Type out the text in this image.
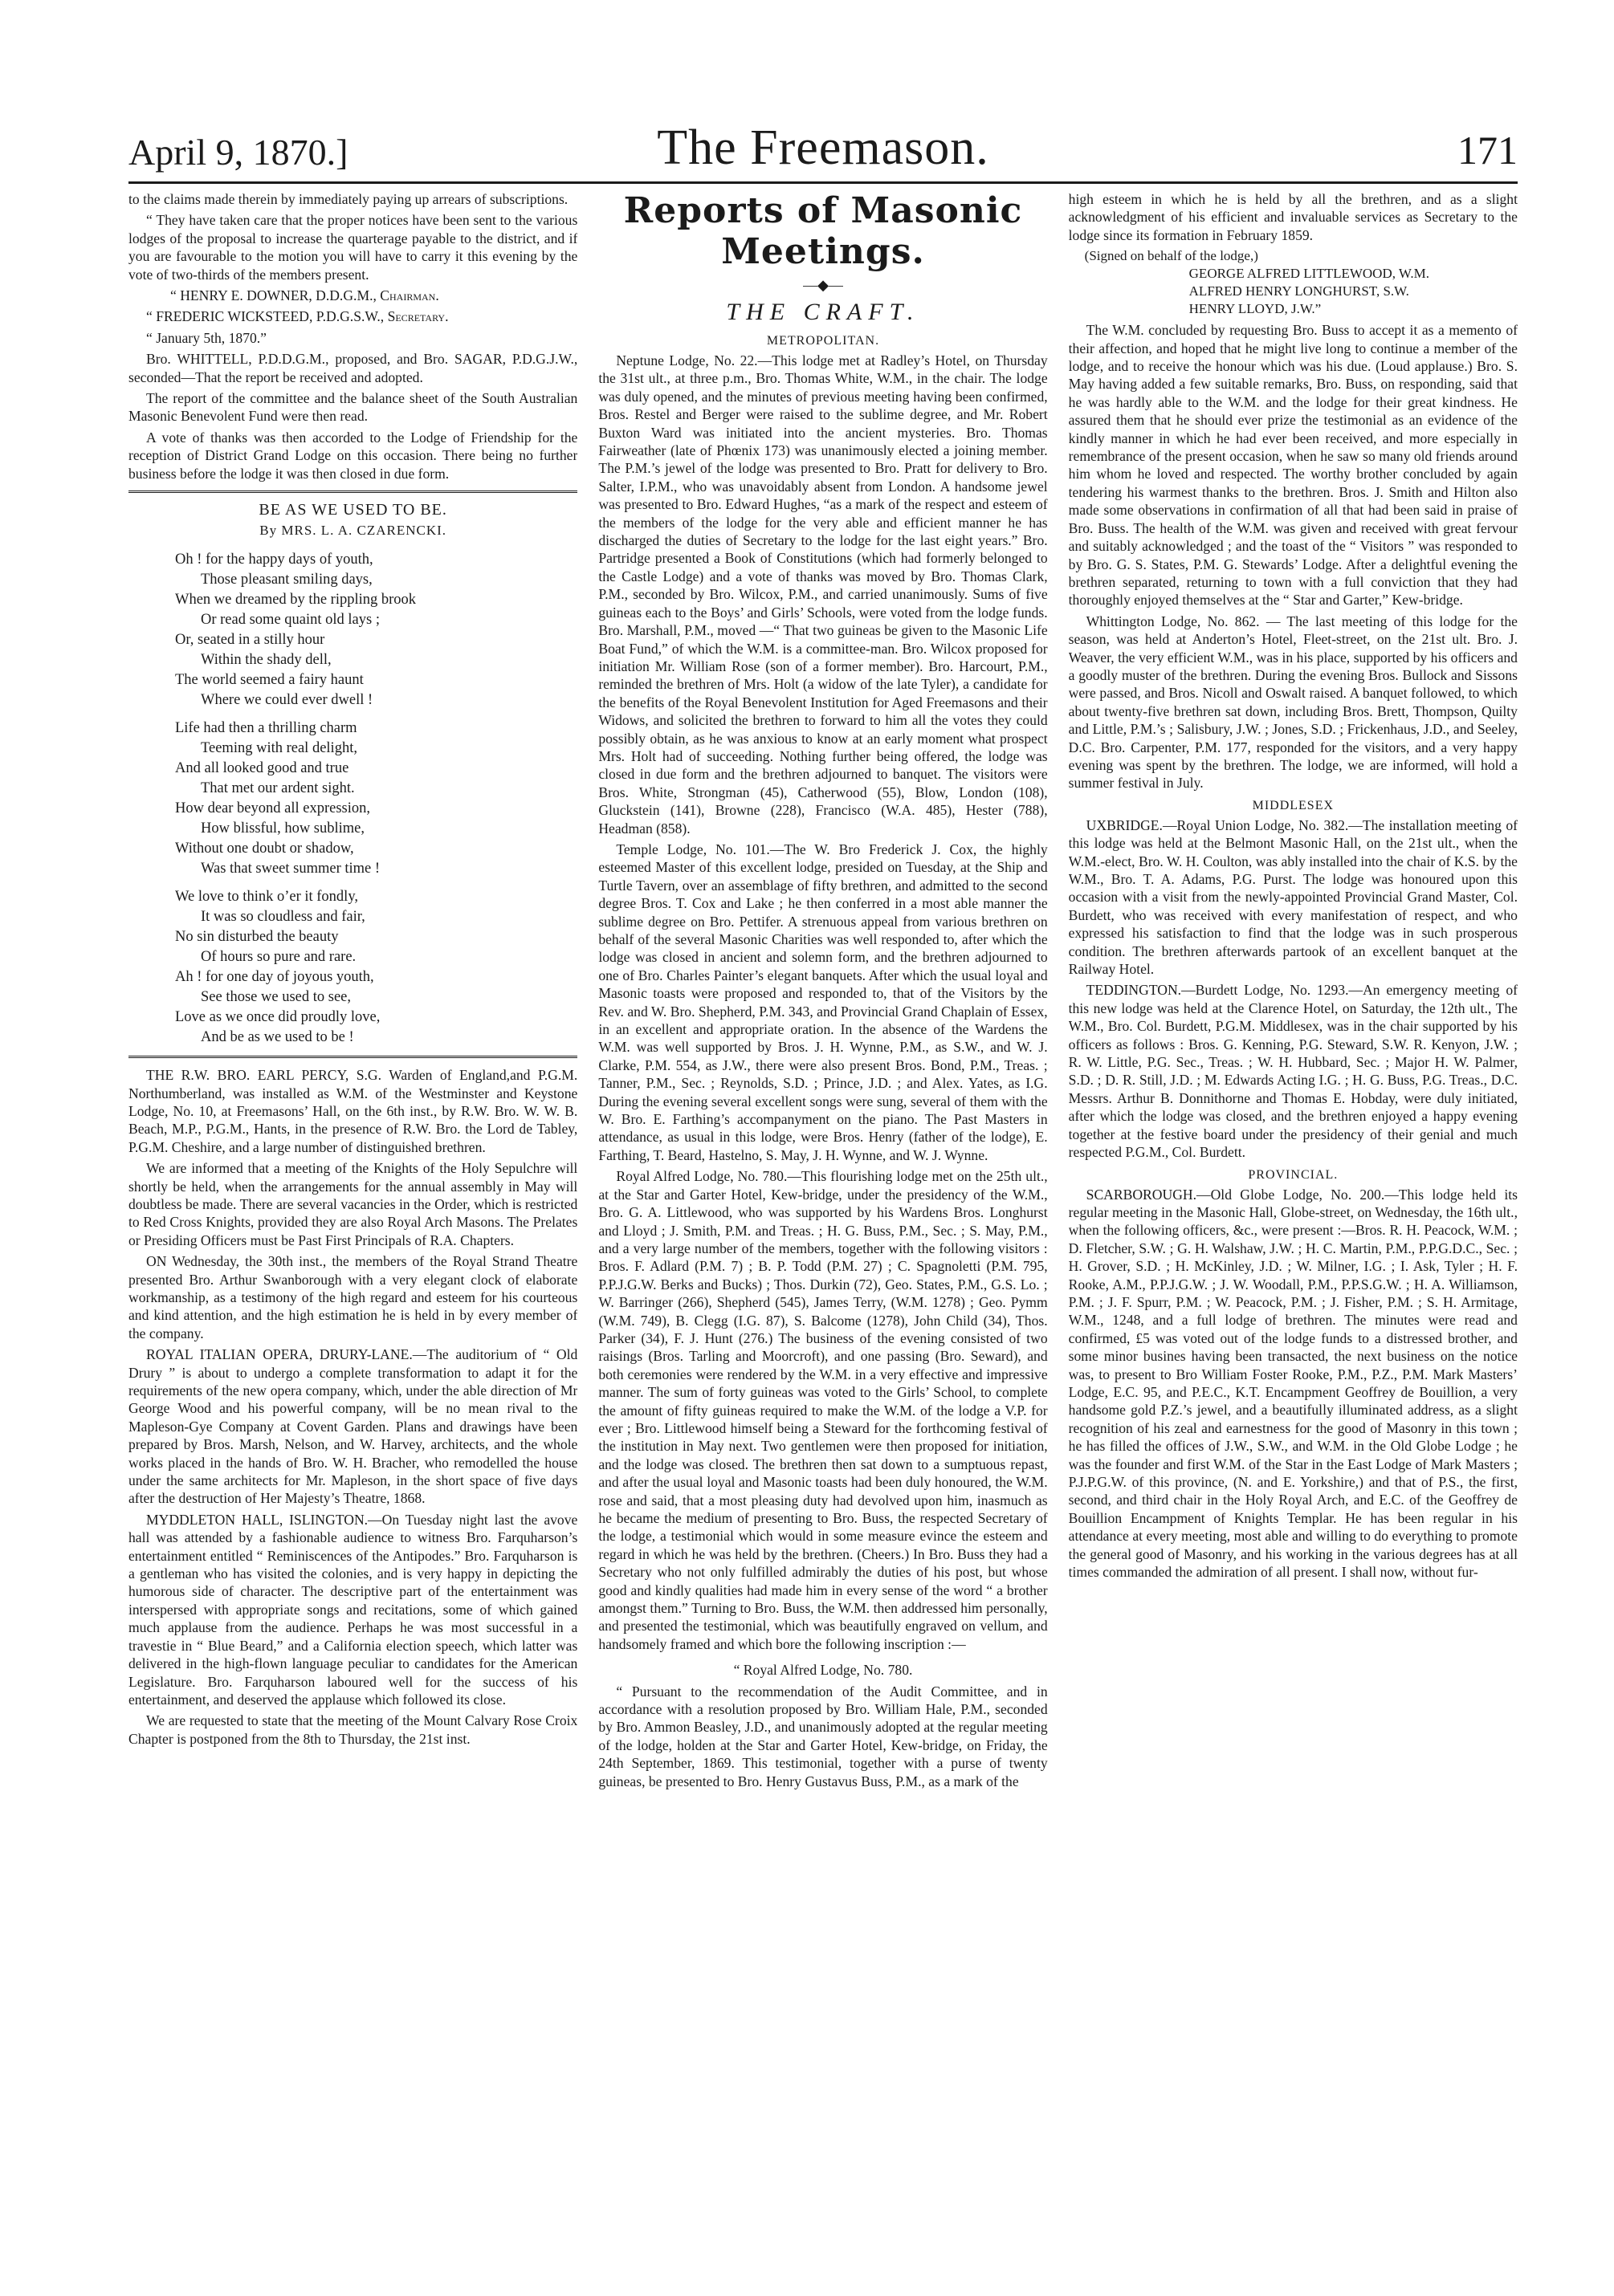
April 9, 1870.]	The Freemason.	171

to the claims made therein by immediately paying up arrears of subscriptions.

“ They have taken care that the proper notices have been sent to the various lodges of the proposal to increase the quarterage payable to the district, and if you are favourable to the motion you will have to carry it this evening by the vote of two-thirds of the members present.

“ HENRY E. DOWNER, D.D.G.M., Chairman.

“ FREDERIC WICKSTEED, P.D.G.S.W., Secretary.

“ January 5th, 1870.”

Bro. WHITTELL, P.D.D.G.M., proposed, and Bro. SAGAR, P.D.G.J.W., seconded—That the report be received and adopted.

The report of the committee and the balance sheet of the South Australian Masonic Benevolent Fund were then read.

A vote of thanks was then accorded to the Lodge of Friendship for the reception of District Grand Lodge on this occasion. There being no further business before the lodge it was then closed in due form.

BE AS WE USED TO BE.
By MRS. L. A. CZARENCKI.
Oh ! for the happy days of youth,
Those pleasant smiling days,
When we dreamed by the rippling brook
Or read some quaint old lays ;
Or, seated in a stilly hour
Within the shady dell,
The world seemed a fairy haunt
Where we could ever dwell !
Life had then a thrilling charm
Teeming with real delight,
And all looked good and true
That met our ardent sight.
How dear beyond all expression,
How blissful, how sublime,
Without one doubt or shadow,
Was that sweet summer time !
We love to think o’er it fondly,
It was so cloudless and fair,
No sin disturbed the beauty
Of hours so pure and rare.
Ah ! for one day of joyous youth,
See those we used to see,
Love as we once did proudly love,
And be as we used to be !

THE R.W. BRO. EARL PERCY, S.G. Warden of England,and P.G.M. Northumberland, was installed as W.M. of the Westminster and Keystone Lodge, No. 10, at Freemasons’ Hall, on the 6th inst., by R.W. Bro. W. W. B. Beach, M.P., P.G.M., Hants, in the presence of R.W. Bro. the Lord de Tabley, P.G.M. Cheshire, and a large number of distinguished brethren.

We are informed that a meeting of the Knights of the Holy Sepulchre will shortly be held, when the arrangements for the annual assembly in May will doubtless be made. There are several vacancies in the Order, which is restricted to Red Cross Knights, provided they are also Royal Arch Masons. The Prelates or Presiding Officers must be Past First Principals of R.A. Chapters.

ON Wednesday, the 30th inst., the members of the Royal Strand Theatre presented Bro. Arthur Swanborough with a very elegant clock of elaborate workmanship, as a testimony of the high regard and esteem for his courteous and kind attention, and the high estimation he is held in by every member of the company.

ROYAL ITALIAN OPERA, DRURY-LANE.—The auditorium of “ Old Drury ” is about to undergo a complete transformation to adapt it for the requirements of the new opera company, which, under the able direction of Mr George Wood and his powerful company, will be no mean rival to the Mapleson-Gye Company at Covent Garden. Plans and drawings have been prepared by Bros. Marsh, Nelson, and W. Harvey, architects, and the whole works placed in the hands of Bro. W. H. Bracher, who remodelled the house under the same architects for Mr. Mapleson, in the short space of five days after the destruction of Her Majesty’s Theatre, 1868.

MYDDLETON HALL, ISLINGTON.—On Tuesday night last the avove hall was attended by a fashionable audience to witness Bro. Farquharson’s entertainment entitled “ Reminiscences of the Antipodes.” Bro. Farquharson is a gentleman who has visited the colonies, and is very happy in depicting the humorous side of character. The descriptive part of the entertainment was interspersed with appropriate songs and recitations, some of which gained much applause from the audience. Perhaps he was most successful in a travestie in “ Blue Beard,” and a California election speech, which latter was delivered in the high-flown language peculiar to candidates for the American Legislature. Bro. Farquharson laboured well for the success of his entertainment, and deserved the applause which followed its close.

We are requested to state that the meeting of the Mount Calvary Rose Croix Chapter is postponed from the 8th to Thursday, the 21st inst.

Reports of Masonic Meetings.
—◆—
THE CRAFT.
METROPOLITAN.

Neptune Lodge, No. 22.—This lodge met at Radley’s Hotel, on Thursday the 31st ult., at three p.m., Bro. Thomas White, W.M., in the chair. The lodge was duly opened, and the minutes of previous meeting having been confirmed, Bros. Restel and Berger were raised to the sublime degree, and Mr. Robert Buxton Ward was initiated into the ancient mysteries. Bro. Thomas Fairweather (late of Phœnix 173) was unanimously elected a joining member. The P.M.’s jewel of the lodge was presented to Bro. Pratt for delivery to Bro. Salter, I.P.M., who was unavoidably absent from London. A handsome jewel was presented to Bro. Edward Hughes, “as a mark of the respect and esteem of the members of the lodge for the very able and efficient manner he has discharged the duties of Secretary to the lodge for the last eight years.” Bro. Partridge presented a Book of Constitutions (which had formerly belonged to the Castle Lodge) and a vote of thanks was moved by Bro. Thomas Clark, P.M., seconded by Bro. Wilcox, P.M., and carried unanimously. Sums of five guineas each to the Boys’ and Girls’ Schools, were voted from the lodge funds. Bro. Marshall, P.M., moved —“ That two guineas be given to the Masonic Life Boat Fund,” of which the W.M. is a committee-man. Bro. Wilcox proposed for initiation Mr. William Rose (son of a former member). Bro. Harcourt, P.M., reminded the brethren of Mrs. Holt (a widow of the late Tyler), a candidate for the benefits of the Royal Benevolent Institution for Aged Freemasons and their Widows, and solicited the brethren to forward to him all the votes they could possibly obtain, as he was anxious to know at an early moment what prospect Mrs. Holt had of succeeding. Nothing further being offered, the lodge was closed in due form and the brethren adjourned to banquet. The visitors were Bros. White, Strongman (45), Catherwood (55), Blow, London (108), Gluckstein (141), Browne (228), Francisco (W.A. 485), Hester (788), Headman (858).

Temple Lodge, No. 101.—The W. Bro Frederick J. Cox, the highly esteemed Master of this excellent lodge, presided on Tuesday, at the Ship and Turtle Tavern, over an assemblage of fifty brethren, and admitted to the second degree Bros. T. Cox and Lake ; he then conferred in a most able manner the sublime degree on Bro. Pettifer. A strenuous appeal from various brethren on behalf of the several Masonic Charities was well responded to, after which the lodge was closed in ancient and solemn form, and the brethren adjourned to one of Bro. Charles Painter’s elegant banquets. After which the usual loyal and Masonic toasts were proposed and responded to, that of the Visitors by the Rev. and W. Bro. Shepherd, P.M. 343, and Provincial Grand Chaplain of Essex, in an excellent and appropriate oration. In the absence of the Wardens the W.M. was well supported by Bros. J. H. Wynne, P.M., as S.W., and W. J. Clarke, P.M. 554, as J.W., there were also present Bros. Bond, P.M., Treas. ; Tanner, P.M., Sec. ; Reynolds, S.D. ; Prince, J.D. ; and Alex. Yates, as I.G. During the evening several excellent songs were sung, several of them with the W. Bro. E. Farthing’s accompanyment on the piano. The Past Masters in attendance, as usual in this lodge, were Bros. Henry (father of the lodge), E. Farthing, T. Beard, Hastelno, S. May, J. H. Wynne, and W. J. Wynne.

Royal Alfred Lodge, No. 780.—This flourishing lodge met on the 25th ult., at the Star and Garter Hotel, Kew-bridge, under the presidency of the W.M., Bro. G. A. Littlewood, who was supported by his Wardens Bros. Longhurst and Lloyd ; J. Smith, P.M. and Treas. ; H. G. Buss, P.M., Sec. ; S. May, P.M., and a very large number of the members, together with the following visitors : Bros. F. Adlard (P.M. 7) ; B. P. Todd (P.M. 27) ; C. Spagnoletti (P.M. 795, P.P.J.G.W. Berks and Bucks) ; Thos. Durkin (72), Geo. States, P.M., G.S. Lo. ; W. Barringer (266), Shepherd (545), James Terry, (W.M. 1278) ; Geo. Pymm (W.M. 749), B. Clegg (I.G. 87), S. Balcome (1278), John Child (34), Thos. Parker (34), F. J. Hunt (276.) The business of the evening consisted of two raisings (Bros. Tarling and Moorcroft), and one passing (Bro. Seward), and both ceremonies were rendered by the W.M. in a very effective and impressive manner. The sum of forty guineas was voted to the Girls’ School, to complete the amount of fifty guineas required to make the W.M. of the lodge a V.P. for ever ; Bro. Littlewood himself being a Steward for the forthcoming festival of the institution in May next. Two gentlemen were then proposed for initiation, and the lodge was closed. The brethren then sat down to a sumptuous repast, and after the usual loyal and Masonic toasts had been duly honoured, the W.M. rose and said, that a most pleasing duty had devolved upon him, inasmuch as he became the medium of presenting to Bro. Buss, the respected Secretary of the lodge, a testimonial which would in some measure evince the esteem and regard in which he was held by the brethren. (Cheers.) In Bro. Buss they had a Secretary who not only fulfilled admirably the duties of his post, but whose good and kindly qualities had made him in every sense of the word “ a brother amongst them.” Turning to Bro. Buss, the W.M. then addressed him personally, and presented the testimonial, which was beautifully engraved on vellum, and handsomely framed and which bore the following inscription :—

“ Royal Alfred Lodge, No. 780.

“ Pursuant to the recommendation of the Audit Committee, and in accordance with a resolution proposed by Bro. William Hale, P.M., seconded by Bro. Ammon Beasley, J.D., and unanimously adopted at the regular meeting of the lodge, holden at the Star and Garter Hotel, Kew-bridge, on Friday, the 24th September, 1869. This testimonial, together with a purse of twenty guineas, be presented to Bro. Henry Gustavus Buss, P.M., as a mark of the

high esteem in which he is held by all the brethren, and as a slight acknowledgment of his efficient and invaluable services as Secretary to the lodge since its formation in February 1859.

(Signed on behalf of the lodge,)
GEORGE ALFRED LITTLEWOOD, W.M.
ALFRED HENRY LONGHURST, S.W.
HENRY LLOYD, J.W.”

The W.M. concluded by requesting Bro. Buss to accept it as a memento of their affection, and hoped that he might live long to continue a member of the lodge, and to receive the honour which was his due. (Loud applause.) Bro. S. May having added a few suitable remarks, Bro. Buss, on responding, said that he was hardly able to the W.M. and the lodge for their great kindness. He assured them that he should ever prize the testimonial as an evidence of the kindly manner in which he had ever been received, and more especially in remembrance of the present occasion, when he saw so many old friends around him whom he loved and respected. The worthy brother concluded by again tendering his warmest thanks to the brethren. Bros. J. Smith and Hilton also made some observations in confirmation of all that had been said in praise of Bro. Buss. The health of the W.M. was given and received with great fervour and suitably acknowledged ; and the toast of the “ Visitors ” was responded to by Bro. G. S. States, P.M. G. Stewards’ Lodge. After a delightful evening the brethren separated, returning to town with a full conviction that they had thoroughly enjoyed themselves at the “ Star and Garter,” Kew-bridge.

Whittington Lodge, No. 862. — The last meeting of this lodge for the season, was held at Anderton’s Hotel, Fleet-street, on the 21st ult. Bro. J. Weaver, the very efficient W.M., was in his place, supported by his officers and a goodly muster of the brethren. During the evening Bros. Bullock and Sissons were passed, and Bros. Nicoll and Oswalt raised. A banquet followed, to which about twenty-five brethren sat down, including Bros. Brett, Thompson, Quilty and Little, P.M.’s ; Salisbury, J.W. ; Jones, S.D. ; Frickenhaus, J.D., and Seeley, D.C. Bro. Carpenter, P.M. 177, responded for the visitors, and a very happy evening was spent by the brethren. The lodge, we are informed, will hold a summer festival in July.

MIDDLESEX

UXBRIDGE.—Royal Union Lodge, No. 382.—The installation meeting of this lodge was held at the Belmont Masonic Hall, on the 21st ult., when the W.M.-elect, Bro. W. H. Coulton, was ably installed into the chair of K.S. by the W.M., Bro. T. A. Adams, P.G. Purst. The lodge was honoured upon this occasion with a visit from the newly-appointed Provincial Grand Master, Col. Burdett, who was received with every manifestation of respect, and who expressed his satisfaction to find that the lodge was in such prosperous condition. The brethren afterwards partook of an excellent banquet at the Railway Hotel.

TEDDINGTON.—Burdett Lodge, No. 1293.—An emergency meeting of this new lodge was held at the Clarence Hotel, on Saturday, the 12th ult., The W.M., Bro. Col. Burdett, P.G.M. Middlesex, was in the chair supported by his officers as follows : Bros. G. Kenning, P.G. Steward, S.W. R. Kenyon, J.W. ; R. W. Little, P.G. Sec., Treas. ; W. H. Hubbard, Sec. ; Major H. W. Palmer, S.D. ; D. R. Still, J.D. ; M. Edwards Acting I.G. ; H. G. Buss, P.G. Treas., D.C. Messrs. Arthur B. Donnithorne and Thomas E. Hobday, were duly initiated, after which the lodge was closed, and the brethren enjoyed a happy evening together at the festive board under the presidency of their genial and much respected P.G.M., Col. Burdett.

PROVINCIAL.

SCARBOROUGH.—Old Globe Lodge, No. 200.—This lodge held its regular meeting in the Masonic Hall, Globe-street, on Wednesday, the 16th ult., when the following officers, &c., were present :—Bros. R. H. Peacock, W.M. ; D. Fletcher, S.W. ; G. H. Walshaw, J.W. ; H. C. Martin, P.M., P.P.G.D.C., Sec. ; H. Grover, S.D. ; H. McKinley, J.D. ; W. Milner, I.G. ; I. Ask, Tyler ; H. F. Rooke, A.M., P.P.J.G.W. ; J. W. Woodall, P.M., P.P.S.G.W. ; H. A. Williamson, P.M. ; J. F. Spurr, P.M. ; W. Peacock, P.M. ; J. Fisher, P.M. ; S. H. Armitage, W.M., 1248, and a full lodge of brethren. The minutes were read and confirmed, £5 was voted out of the lodge funds to a distressed brother, and some minor busines having been transacted, the next business on the notice was, to present to Bro William Foster Rooke, P.M., P.Z., P.M. Mark Masters’ Lodge, E.C. 95, and P.E.C., K.T. Encampment Geoffrey de Bouillion, a very handsome gold P.Z.’s jewel, and a beautifully illuminated address, as a slight recognition of his zeal and earnestness for the good of Masonry in this town ; he has filled the offices of J.W., S.W., and W.M. in the Old Globe Lodge ; he was the founder and first W.M. of the Star in the East Lodge of Mark Masters ; P.J.P.G.W. of this province, (N. and E. Yorkshire,) and that of P.S., the first, second, and third chair in the Holy Royal Arch, and E.C. of the Geoffrey de Bouillion Encampment of Knights Templar. He has been regular in his attendance at every meeting, most able and willing to do everything to promote the general good of Masonry, and his working in the various degrees has at all times commanded the admiration of all present. I shall now, without fur-
